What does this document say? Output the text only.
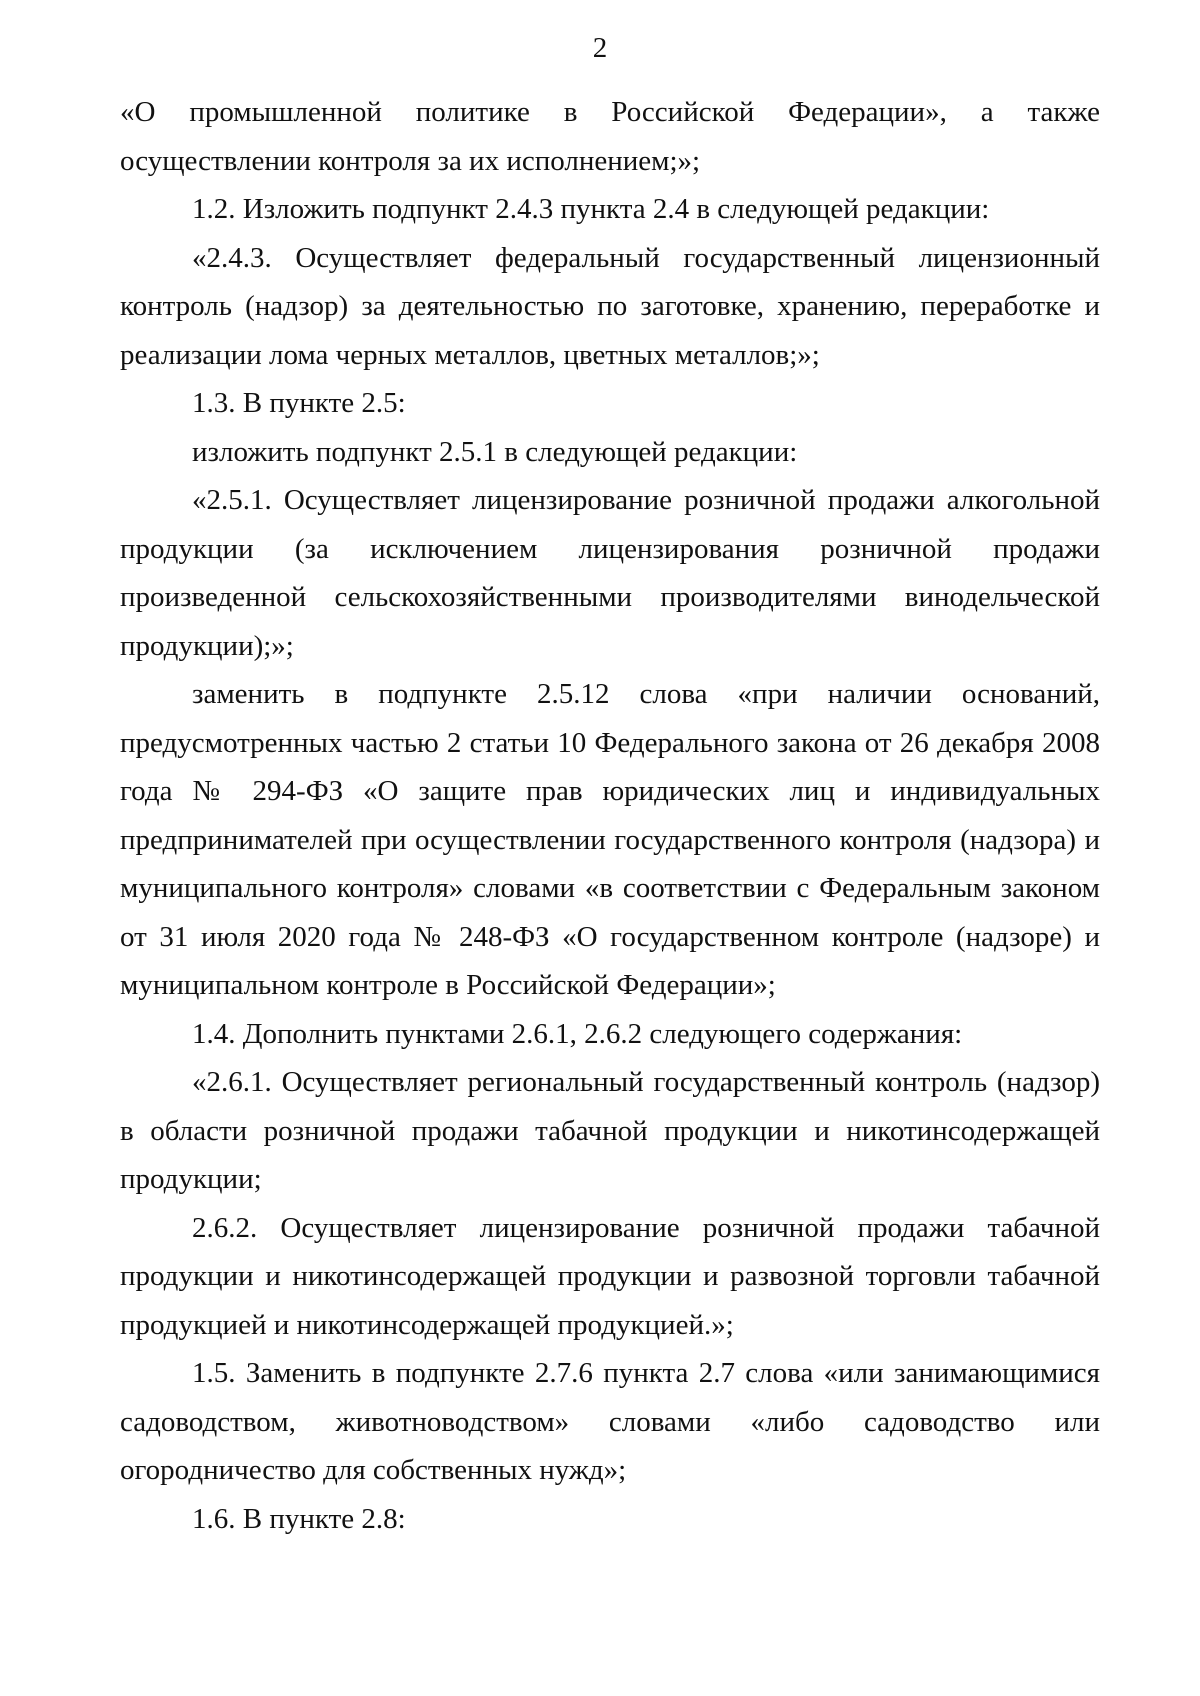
2

«О промышленной политике в Российской Федерации», а также осуществлении контроля за их исполнением;»;

1.2. Изложить подпункт 2.4.3 пункта 2.4 в следующей редакции:

«2.4.3. Осуществляет федеральный государственный лицензионный контроль (надзор) за деятельностью по заготовке, хранению, переработке и реализации лома черных металлов, цветных металлов;»;

1.3. В пункте 2.5:

изложить подпункт 2.5.1 в следующей редакции:

«2.5.1. Осуществляет лицензирование розничной продажи алкогольной продукции (за исключением лицензирования розничной продажи произведенной сельскохозяйственными производителями винодельческой продукции);»;

заменить в подпункте 2.5.12 слова «при наличии оснований, предусмотренных частью 2 статьи 10 Федерального закона от 26 декабря 2008 года № 294-ФЗ «О защите прав юридических лиц и индивидуальных предпринимателей при осуществлении государственного контроля (надзора) и муниципального контроля» словами «в соответствии с Федеральным законом от 31 июля 2020 года № 248-ФЗ «О государственном контроле (надзоре) и муниципальном контроле в Российской Федерации»;

1.4. Дополнить пунктами 2.6.1, 2.6.2 следующего содержания:

«2.6.1. Осуществляет региональный государственный контроль (надзор) в области розничной продажи табачной продукции и никотинсодержащей продукции;

2.6.2. Осуществляет лицензирование розничной продажи табачной продукции и никотинсодержащей продукции и развозной торговли табачной продукцией и никотинсодержащей продукцией.»;

1.5. Заменить в подпункте 2.7.6 пункта 2.7 слова «или занимающимися садоводством, животноводством» словами «либо садоводство или огородничество для собственных нужд»;

1.6. В пункте 2.8:
